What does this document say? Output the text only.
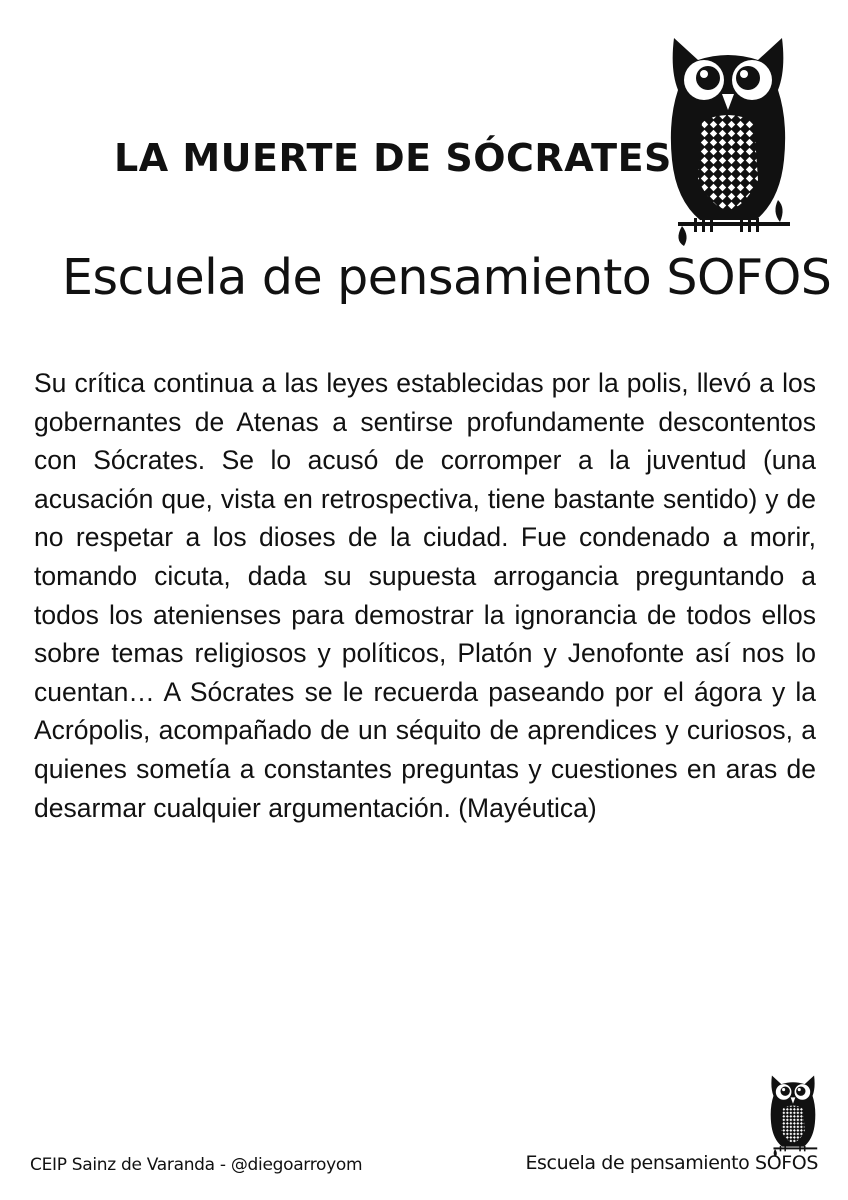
LA MUERTE DE SÓCRATES
Escuela de pensamiento SOFOS

Su crítica continua a las leyes establecidas por la polis, llevó a los gobernantes de Atenas a sentirse profundamente descontentos con Sócrates. Se lo acusó de corromper a la juventud (una acusación que, vista en retrospectiva, tiene bastante sentido) y de no respetar a los dioses de la ciudad. Fue condenado a morir, tomando cicuta, dada su supuesta arrogancia preguntando a todos los atenienses para demostrar la ignorancia de todos ellos sobre temas religiosos y políticos, Platón y Jenofonte así nos lo cuentan… A Sócrates se le recuerda paseando por el ágora y la Acrópolis, acompañado de un séquito de aprendices y curiosos, a quienes sometía a constantes preguntas y cuestiones en aras de desarmar cualquier argumentación. (Mayéutica)

CEIP Sainz de Varanda - @diegoarroyom	Escuela de pensamiento SOFOS
